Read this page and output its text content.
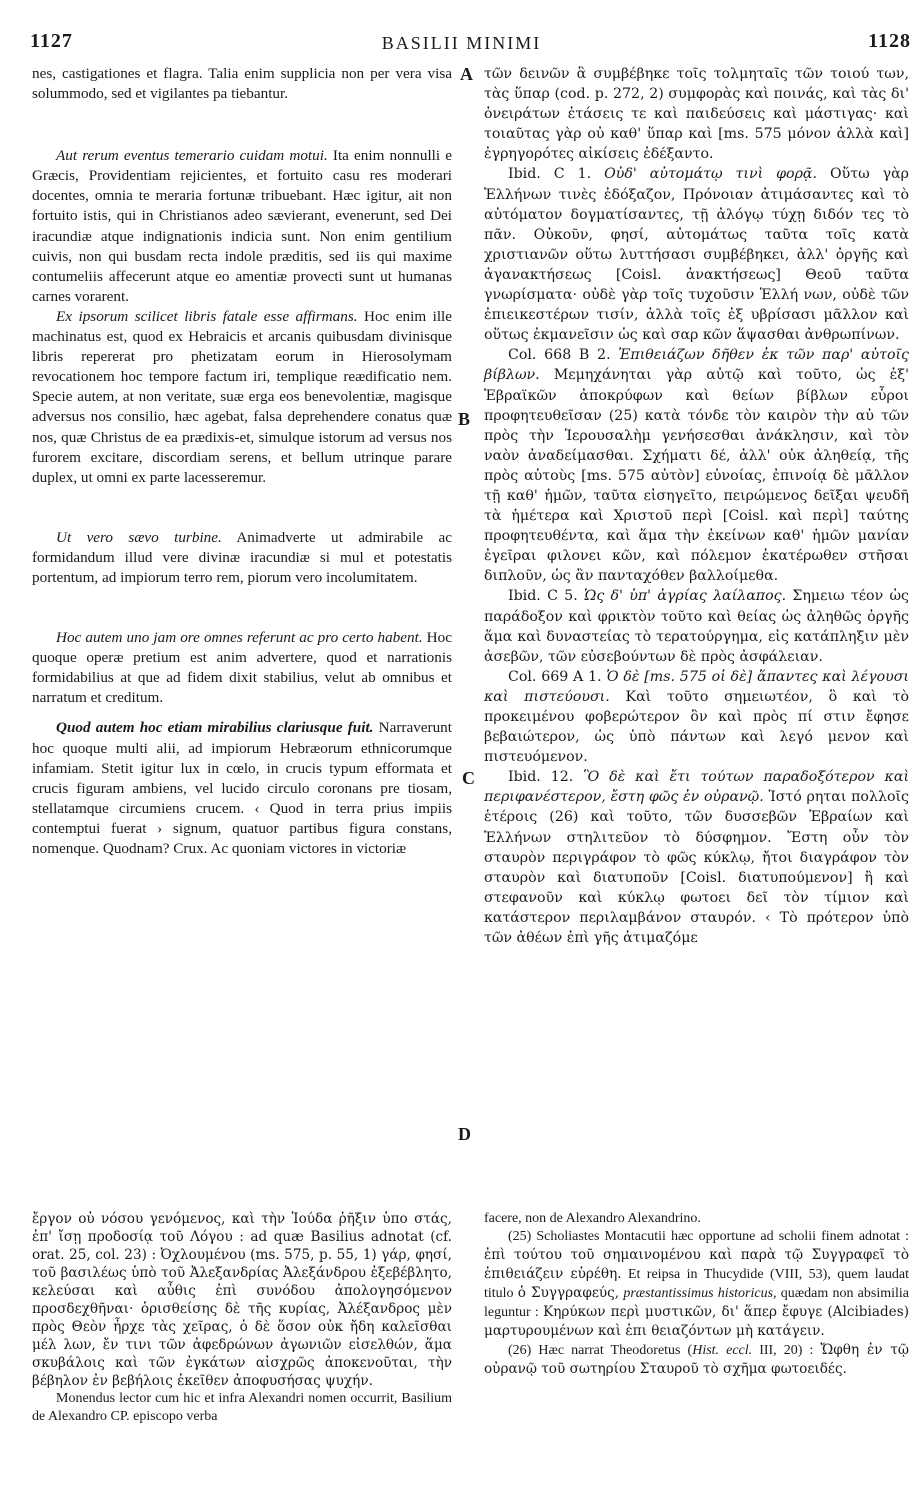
1127	BASILII MINIMI	1128
A
B
C
D

nes, castigationes et flagra. Talia enim supplicia non per vera visa solummodo, sed et vigilantes pa tiebantur.

Aut rerum eventus temerario cuidam motui. Ita enim nonnulli e Græcis, Providentiam rejicientes, et fortuito casu res moderari docentes, omnia te meraria fortunæ tribuebant. Hæc igitur, ait non fortuito istis, qui in Christianos adeo sævierant, evenerunt, sed Dei iracundiæ atque indignationis indicia sunt. Non enim gentilium cuivis, non qui busdam recta indole præditis, sed iis qui maxime contumeliis affecerunt atque eo amentiæ provecti sunt ut humanas carnes vorarent.

Ex ipsorum scilicet libris fatale esse affirmans. Hoc enim ille machinatus est, quod ex Hebraicis et arcanis quibusdam divinisque libris repererat pro phetizatam eorum in Hierosolymam revocationem hoc tempore factum iri, templique reædificatio nem. Specie autem, at non veritate, suæ erga eos benevolentiæ, magisque adversus nos consilio, hæc agebat, falsa deprehendere conatus quæ nos, quæ Christus de ea prædixis-et, simulque istorum ad versus nos furorem excitare, discordiam serens, et bellum utrinque parare duplex, ut omni ex parte lacesseremur.

Ut vero sævo turbine. Animadverte ut admirabile ac formidandum illud vere divinæ iracundiæ si mul et potestatis portentum, ad impiorum terro rem, piorum vero incolumitatem.

Hoc autem uno jam ore omnes referunt ac pro certo habent. Hoc quoque operæ pretium est anim advertere, quod et narrationis formidabilius at que ad fidem dixit stabilius, velut ab omnibus et narratum et creditum.

Quod autem hoc etiam mirabilius clariusque fuit. Narraverunt hoc quoque multi alii, ad impiorum Hebræorum ethnicorumque infamiam. Stetit igitur lux in cœlo, in crucis typum efformata et crucis figuram ambiens, vel lucido circulo coronans pre tiosam, stellatamque circumiens crucem. ‹ Quod in terra prius impiis contemptui fuerat › signum, quatuor partibus figura constans, nomenque. Quodnam? Crux. Ac quoniam victores in victoriæ

τῶν δεινῶν ἃ συμβέβηκε τοῖς τολμηταῖς τῶν τοιού των, τὰς ὕπαρ (cod. p. 272, 2) συμφορὰς καὶ ποινάς, καὶ τὰς δι' ὀνειράτων ἐτάσεις τε καὶ παιδεύσεις καὶ μάστιγας· καὶ τοιαῦτας γὰρ οὐ καθ' ὕπαρ καὶ [ms. 575 μόνον ἀλλὰ καὶ] ἐγρηγορότες αἰκίσεις ἐδέξαντο.

Ibid. C 1. Οὐδ' αὐτομάτῳ τινὶ φορᾷ. Οὕτω γὰρ Ἑλλήνων τινὲς ἐδόξαζον, Πρόνοιαν ἀτιμάσαντες καὶ τὸ αὐτόματον δογματίσαντες, τῇ ἀλόγῳ τύχῃ διδόν τες τὸ πᾶν. Οὐκοῦν, φησί, αὐτομάτως ταῦτα τοῖς κατὰ χριστιανῶν οὕτω λυττήσασι συμβέβηκει, ἀλλ' ὀργῆς καὶ ἀγανακτήσεως [Coisl. ἀνακτήσεως] Θεοῦ ταῦτα γνωρίσματα· οὐδὲ γὰρ τοῖς τυχοῦσιν Ἑλλή νων, οὐδὲ τῶν ἐπιεικεστέρων τισίν, ἀλλὰ τοῖς ἐξ υβρίσασι μᾶλλον καὶ οὕτως ἐκμανεῖσιν ὡς καὶ σαρ κῶν ἅψασθαι ἀνθρωπίνων.

Col. 668 B 2. Ἐπιθειάζων δῆθεν ἐκ τῶν παρ' αὐτοῖς βίβλων. Μεμηχάνηται γὰρ αὐτῷ καὶ τοῦτο, ὡς ἐξ' Ἑβραϊκῶν ἀποκρύφων καὶ θείων βίβλων εὗροι προφητευθεῖσαν (25) κατὰ τόνδε τὸν καιρὸν τὴν αὐ τῶν πρὸς τὴν Ἱερουσαλὴμ γενήσεσθαι ἀνάκλησιν, καὶ τὸν ναὸν ἀναδείμασθαι. Σχήματι δέ, ἀλλ' οὐκ ἀληθείᾳ, τῆς πρὸς αὐτοὺς [ms. 575 αὐτὸν] εὐνοίας, ἐπινοίᾳ δὲ μᾶλλον τῇ καθ' ἡμῶν, ταῦτα εἰσηγεῖτο, πειρώμενος δεῖξαι ψευδῆ τὰ ἡμέτερα καὶ Χριστοῦ περὶ [Coisl. καὶ περὶ] ταύτης προφητευθέντα, καὶ ἅμα τὴν ἐκείνων καθ' ἡμῶν μανίαν ἐγεῖραι φιλονει κῶν, καὶ πόλεμον ἑκατέρωθεν στῆσαι διπλοῦν, ὡς ἂν πανταχόθεν βαλλοίμεθα.

Ibid. C 5. Ὡς δ' ὑπ' ἀγρίας λαίλαπος. Σημειω τέον ὡς παράδοξον καὶ φρικτὸν τοῦτο καὶ θείας ὡς ἀληθῶς ὀργῆς ἅμα καὶ δυναστείας τὸ τερατούργημα, εἰς κατάπληξιν μὲν ἀσεβῶν, τῶν εὐσεβούντων δὲ πρὸς ἀσφάλειαν.

Col. 669 A 1. Ὁ δὲ [ms. 575 οἱ δὲ] ἅπαντες καὶ λέγουσι καὶ πιστεύουσι. Καὶ τοῦτο σημειωτέον, ὃ καὶ τὸ προκειμένου φοβερώτερον ὂν καὶ πρὸς πί στιν ἔφησε βεβαιώτερον, ὡς ὑπὸ πάντων καὶ λεγό μενον καὶ πιστευόμενον.

Ibid. 12. Ὃ δὲ καὶ ἔτι τούτων παραδοξότερον καὶ περιφανέστερον, ἔστη φῶς ἐν οὐρανῷ. Ἱστό ρηται πολλοῖς ἑτέροις (26) καὶ τοῦτο, τῶν δυσσεβῶν Ἑβραίων καὶ Ἑλλήνων στηλιτεῦον τὸ δύσφημον. Ἔστη οὖν τὸν σταυρὸν περιγράφον τὸ φῶς κύκλῳ, ἤτοι διαγράφον τὸν σταυρὸν καὶ διατυποῦν [Coisl. διατυπούμενον] ἢ καὶ στεφανοῦν καὶ κύκλῳ φωτοει δεῖ τὸν τίμιον καὶ κατάστερον περιλαμβάνον σταυρόν. ‹ Τὸ πρότερον ὑπὸ τῶν ἀθέων ἐπὶ γῆς ἀτιμαζόμε

ἔργον οὐ νόσου γενόμενος, καὶ τὴν Ἰούδα ῥῆξιν ὑπο στάς, ἐπ' ἴσῃ προδοσίᾳ τοῦ Λόγου : ad quæ Basilius adnotat (cf. orat. 25, col. 23) : Ὀχλουμένου (ms. 575, p. 55, 1) γάρ, φησί, τοῦ βασιλέως ὑπὸ τοῦ Ἀλεξανδρίας Ἀλεξάνδρου ἐξεβέβλητο, κελεύσαι καὶ αὖθις ἐπὶ συνόδου ἀπολογησόμενον προσδεχθῆναι· ὁρισθείσης δὲ τῆς κυρίας, Ἀλέξανδρος μὲν πρὸς Θεὸν ἦρχε τὰς χεῖρας, ὁ δὲ ὅσον οὐκ ἤδη καλεῖσθαι μέλ λων, ἔν τινι τῶν ἀφεδρώνων ἀγωνιῶν εἰσελθών, ἅμα σκυβάλοις καὶ τῶν ἐγκάτων αἰσχρῶς ἀποκενοῦται, τὴν βέβηλον ἐν βεβήλοις ἐκεῖθεν ἀποφυσήσας ψυχήν.

Monendus lector cum hic et infra Alexandri nomen occurrit, Basilium de Alexandro CP. episcopo verba

facere, non de Alexandro Alexandrino.

(25) Scholiastes Montacutii hæc opportune ad scholii finem adnotat : ἐπὶ τούτου τοῦ σημαινομένου καὶ παρὰ τῷ Συγγραφεῖ τὸ ἐπιθειάζειν εὑρέθη. Et reipsa in Thucydide (VIII, 53), quem laudat titulo ὁ Συγγραφεύς, præstantissimus historicus, quædam non absimilia leguntur : Κηρύκων περὶ μυστικῶν, δι' ἅπερ ἔφυγε (Alcibiades) μαρτυρουμένων καὶ ἐπι θειαζόντων μὴ κατάγειν.

(26) Hæc narrat Theodoretus (Hist. eccl. III, 20) : Ὤφθη ἐν τῷ οὐρανῷ τοῦ σωτηρίου Σταυροῦ τὸ σχῆμα φωτοειδές.
